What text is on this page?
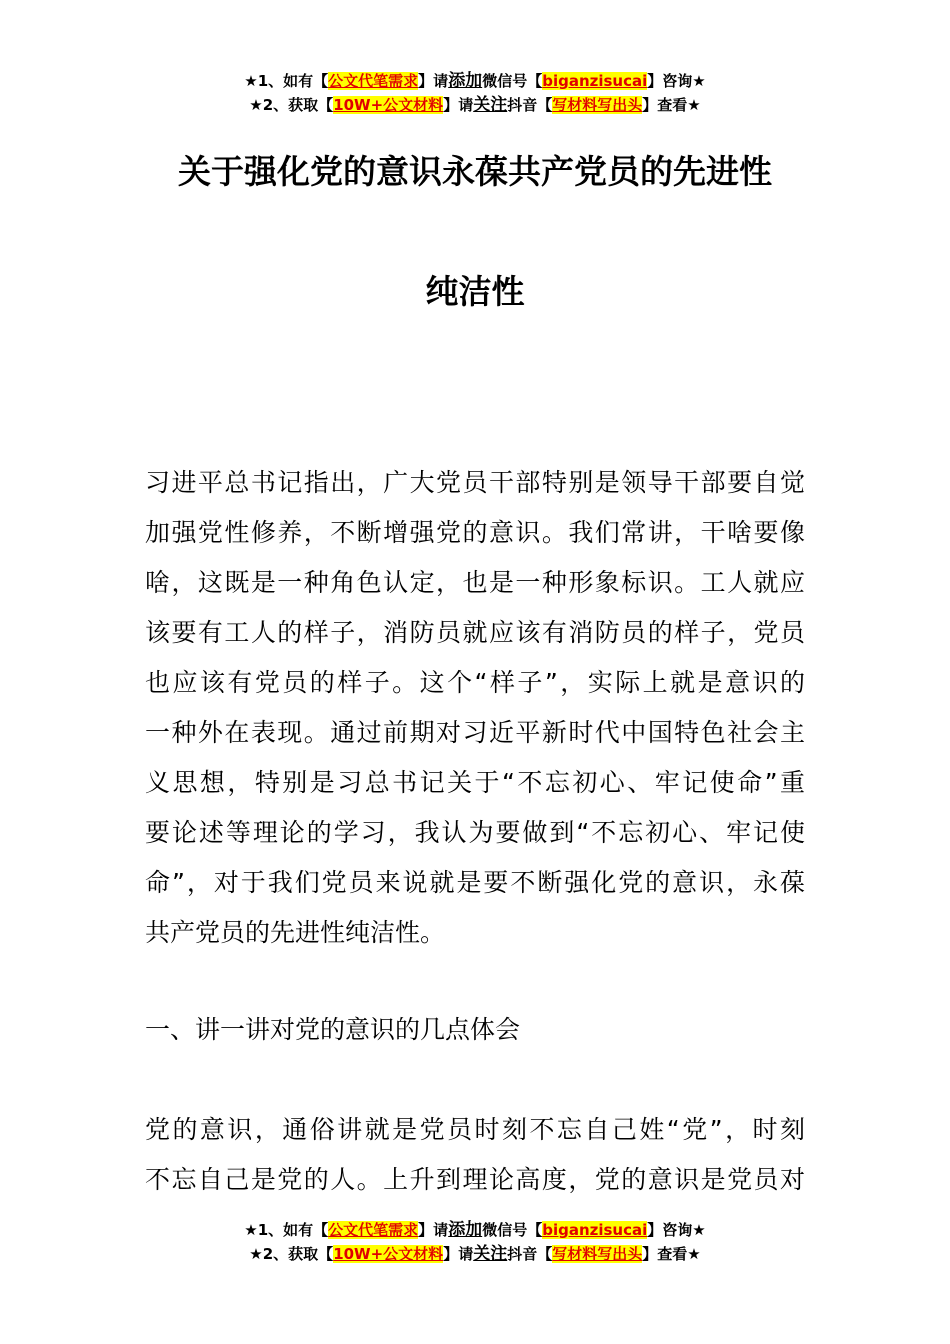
★1、如有【公文代笔需求】请添加微信号【biganzisucai】咨询★
★2、获取【10W+公文材料】请关注抖音【写材料写出头】查看★
关于强化党的意识永葆共产党员的先进性
纯洁性
习进平总书记指出，广大党员干部特别是领导干部要自觉
加强党性修养，不断增强党的意识。我们常讲，干啥要像
啥，这既是一种角色认定，也是一种形象标识。工人就应
该要有工人的样子，消防员就应该有消防员的样子，党员
也应该有党员的样子。这个“样子”，实际上就是意识的
一种外在表现。通过前期对习近平新时代中国特色社会主
义思想，特别是习总书记关于“不忘初心、牢记使命”重
要论述等理论的学习，我认为要做到“不忘初心、牢记使
命”，对于我们党员来说就是要不断强化党的意识，永葆
共产党员的先进性纯洁性。
一、讲一讲对党的意识的几点体会
党的意识，通俗讲就是党员时刻不忘自己姓“党”，时刻
不忘自己是党的人。上升到理论高度，党的意识是党员对
★1、如有【公文代笔需求】请添加微信号【biganzisucai】咨询★
★2、获取【10W+公文材料】请关注抖音【写材料写出头】查看★
